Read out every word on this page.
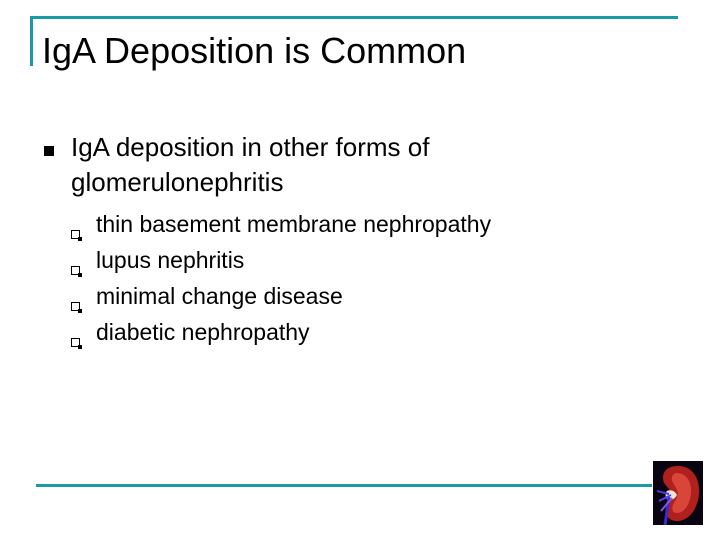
IgA Deposition is Common
IgA deposition in other forms of glomerulonephritis
thin basement membrane nephropathy
lupus nephritis
minimal change disease
diabetic nephropathy
